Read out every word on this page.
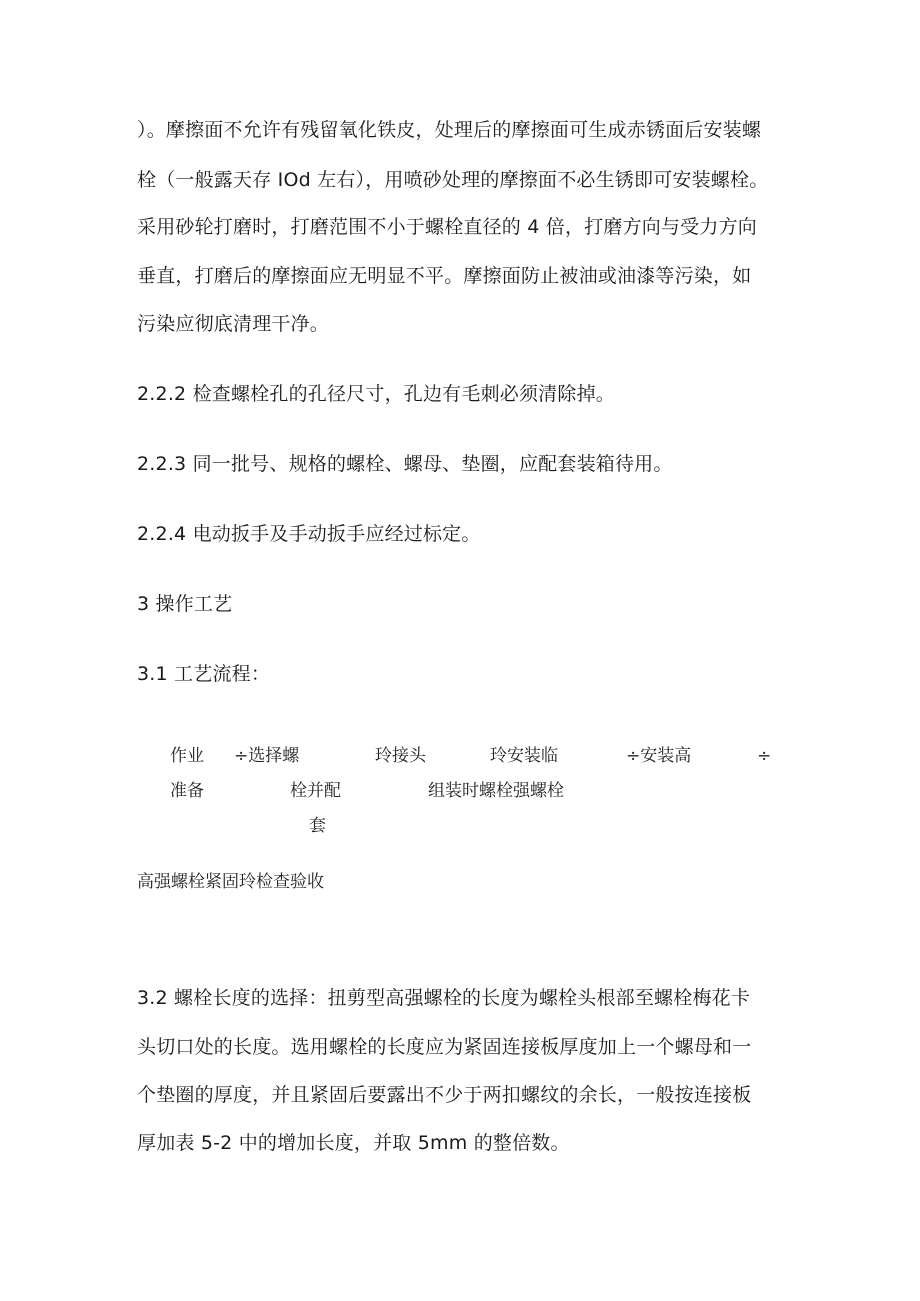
）。摩擦面不允许有残留氧化铁皮，处理后的摩擦面可生成赤锈面后安装螺
栓（一般露天存 IOd 左右），用喷砂处理的摩擦面不必生锈即可安装螺栓。
采用砂轮打磨时，打磨范围不小于螺栓直径的 4 倍，打磨方向与受力方向
垂直，打磨后的摩擦面应无明显不平。摩擦面防止被油或油漆等污染，如
污染应彻底清理干净。
2.2.2 检查螺栓孔的孔径尺寸，孔边有毛刺必须清除掉。
2.2.3 同一批号、规格的螺栓、螺母、垫圈，应配套装箱待用。
2.2.4 电动扳手及手动扳手应经过标定。
3 操作工艺
3.1 工艺流程：
作业 ÷选择螺	玲接头	玲安装临	÷安装高	÷
准备	栓并配	组装时螺栓强螺栓
套
高强螺栓紧固玲检查验收
3.2 螺栓长度的选择：扭剪型高强螺栓的长度为螺栓头根部至螺栓梅花卡
头切口处的长度。选用螺栓的长度应为紧固连接板厚度加上一个螺母和一
个垫圈的厚度，并且紧固后要露出不少于两扣螺纹的余长，一般按连接板
厚加表 5-2 中的增加长度，并取 5mm 的整倍数。
